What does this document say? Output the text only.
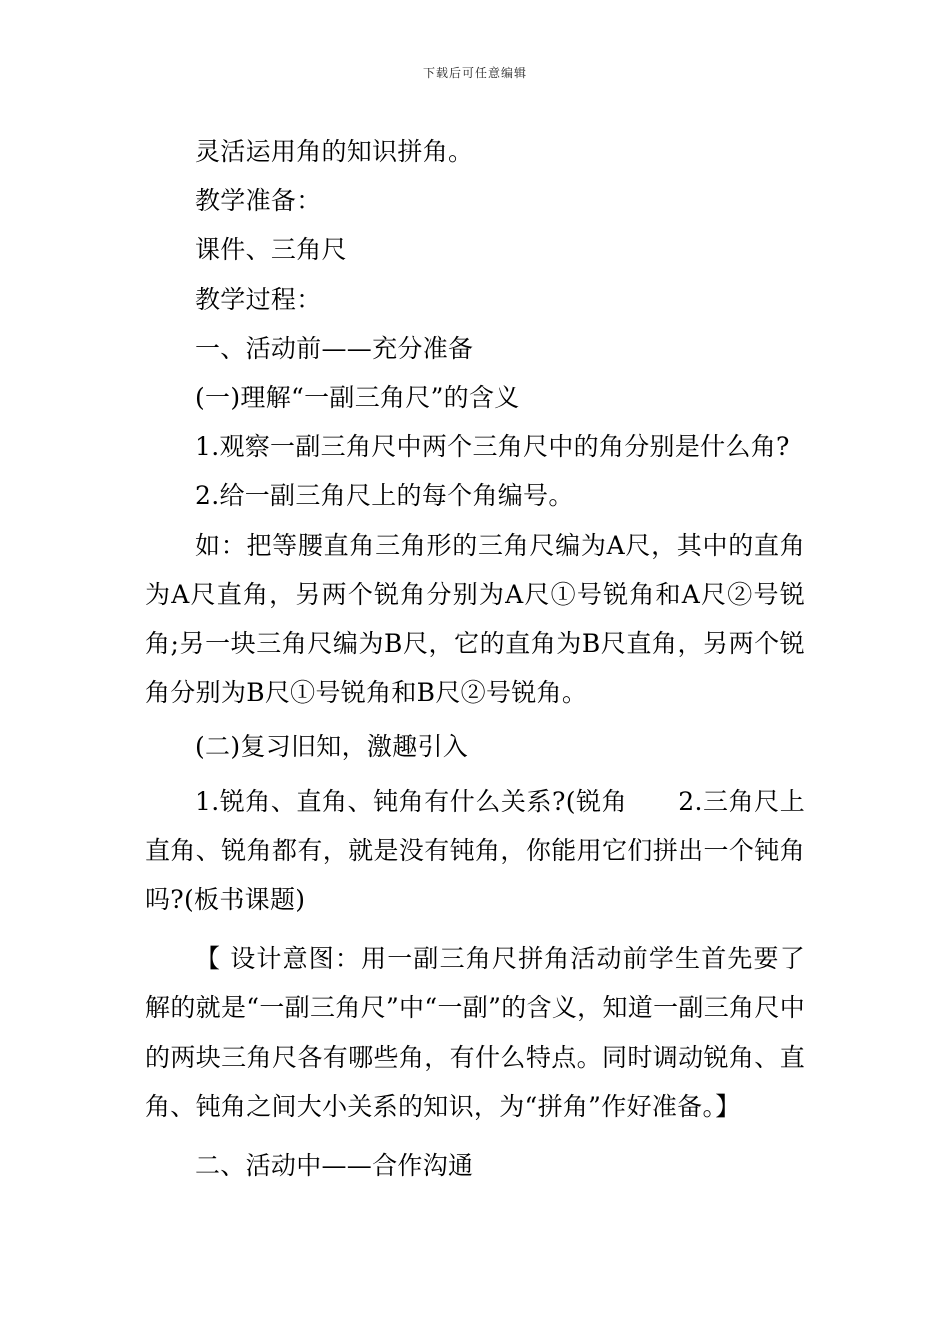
下载后可任意编辑

灵活运用角的知识拼角。

教学准备：

课件、三角尺

教学过程：

一、活动前——充分准备

(一)理解“一副三角尺”的含义

1.观察一副三角尺中两个三角尺中的角分别是什么角?

2.给一副三角尺上的每个角编号。

如：把等腰直角三角形的三角尺编为A尺，其中的直角为A尺直角，另两个锐角分别为A尺①号锐角和A尺②号锐角;另一块三角尺编为B尺，它的直角为B尺直角，另两个锐角分别为B尺①号锐角和B尺②号锐角。

(二)复习旧知，激趣引入

1.锐角、直角、钝角有什么关系?(锐角　　2.三角尺上直角、锐角都有，就是没有钝角，你能用它们拼出一个钝角吗?(板书课题)

【 设计意图：用一副三角尺拼角活动前学生首先要了解的就是“一副三角尺”中“一副”的含义，知道一副三角尺中的两块三角尺各有哪些角，有什么特点。同时调动锐角、直角、钝角之间大小关系的知识，为“拼角”作好准备。】

二、活动中——合作沟通
